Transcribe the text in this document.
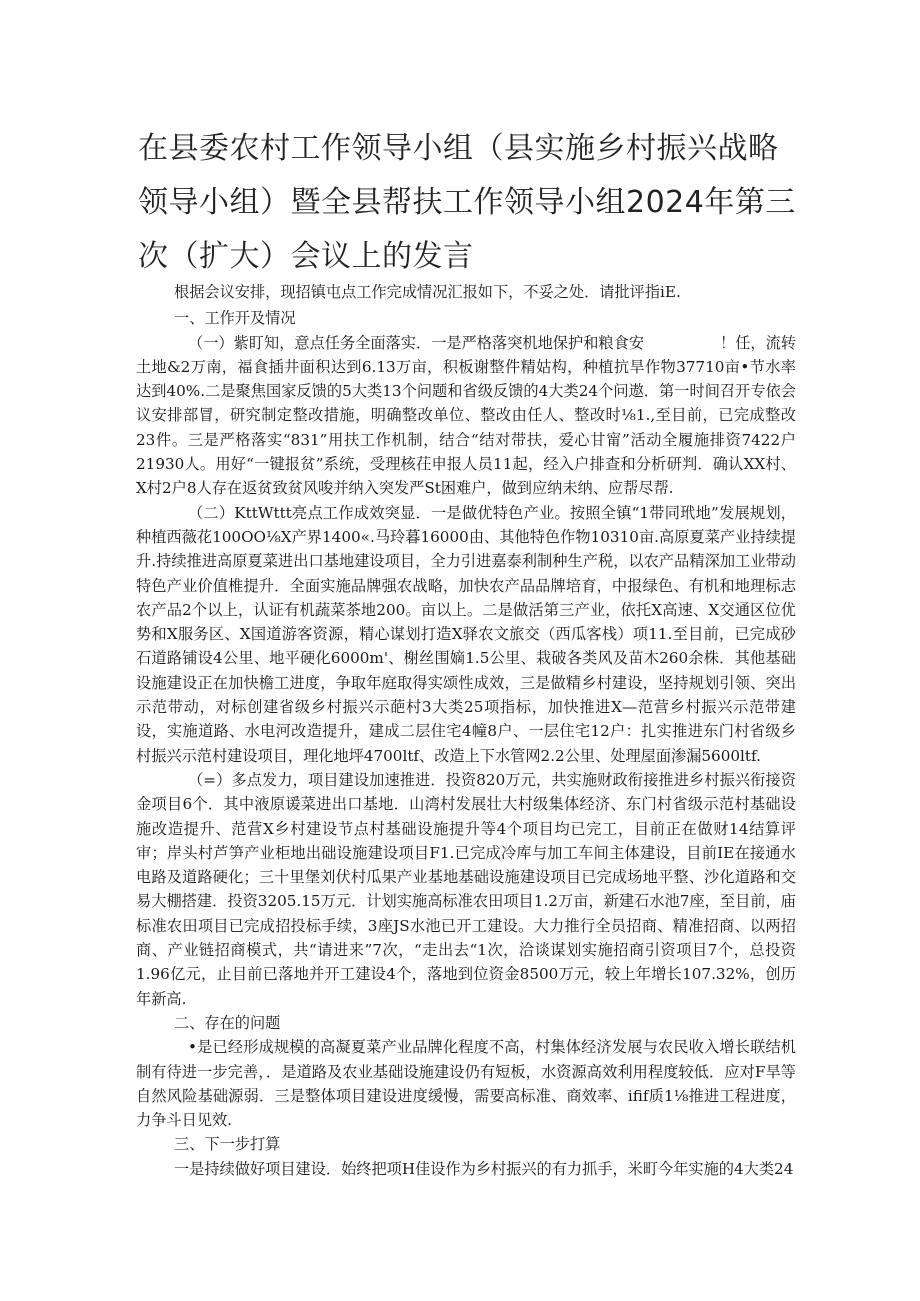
在县委农村工作领导小组（县实施乡村振兴战略领导小组）暨全县帮扶工作领导小组2024年第三次（扩大）会议上的发言

根据会议安排，现招镇屯点工作完成情况汇报如下，不妥之处．请批评指iE.

一、工作开及情况

（一）紫盯知，意点任务全面落实．一是严格落突机地保护和粮食安　　　　　！任，流转土地&2万南，福食插井面积达到6.13万亩，积板谢整件精姑构，种植抗旱作物37710亩•节水率达到40%.二是聚焦国家反馈的5大类13个问题和省级反馈的4大类24个问遨．第一时间召开专依会议安排部冒，研究制定整改措施，明确整改单位、整改由任人、整改时⅛1.,至目前，已完成整改23件。三是严格落实“831”用扶工作机制，结合“结对带扶，爱心甘甯”活动全履施排资7422户21930人。用好“一键报贫”系统，受理核茌申报人员11起，经入户排查和分析研判．确认XX村、X村2户8人存在返贫致贫风唆并纳入突发严St困难户，做到应纳未纳、应帮尽帮.

（二）KttWttt亮点工作成效突显．一是做优特色产业。按照全镇“1带同玳地”发展规划，种植西薇花100OO⅛X产界1400«.马玲暮16000由、其他特色作物10310亩.高原夏菜产业持续提升.持续推进高原夏菜进出口基地建设项目，全力引进嘉泰利制种生产税，以农产品精深加工业带动特色产业价值椎提升．全面实施品牌强农战略，加快农产品品牌培育，中报绿色、有机和地理标志农产品2个以上，认证有机蔬菜茶地200。亩以上。二是做活第三产业，依托X高速、X交通区位优势和X服务区、X国道游客资源，精心谋划打造X驿农文旅交（西瓜客栈）项11.至目前，已完成砂石道路铺设4公里、地平硬化6000m'、榭丝围嫡1.5公里、栽破各类风及苗木260余株．其他基础设施建设正在加快檐工进度，争取年庭取得实颂性成效，三是做精乡村建设，坚持规划引领、突出示范带动，对标创建省级乡村振兴示葩村3大类25项指标，加快推进X—范营乡村振兴示范带建设，实施道路、水电河改造提升，建成二层住宅4幢8户、一层住宅12户：扎实推进东门村省级乡村振兴示范村建设项目，理化地坪4700ltf、改造上下水管网2.2公里、处理屋面渗漏5600ltf.

（=）多点发力，项目建设加速推进．投资820万元，共实施财政衔接推进乡村振兴衔接资金项目6个．其中液原谖菜进出口基地．山湾村发展壮大村级集体经济、东门村省级示范村基础设施改造提升、范营X乡村建设节点村基础设施提升等4个项目均已完工，目前正在做财14结算评审；岸头村芦笋产业柜地出础设施建设项目F1.已完成冷库与加工车间主体建设，目前IE在接通水电路及道路硬化；三十里堡刘伏村瓜果产业基地基础设施建设项目已完成场地平整、沙化道路和交易大棚搭建．投资3205.15万元．计划实施高标准农田项目1.2万亩，新建石水池7座，至目前，庙标准农田项目已完成招投标手续，3座JS水池已开工建设。大力推行全员招商、精准招商、以两招商、产业链招商模式，共“请进来”7次，“走出去“1次，洽谈谋划实施招商引资项目7个，总投资1.96亿元，止目前已落地并开工建设4个，落地到位资金8500万元，较上年增长107.32%，创历年新高.

二、存在的问题

•是已经形成规模的高凝夏菜产业品牌化程度不高，村集体经济发展与农民收入增长联结机制有待进一步完善，．是道路及农业基础设施建设仍有短板，水资源高效利用程度较低．应对F旱等自然风险基础源弱．三是整体项目建设进度缓慢，需要高标准、商效率、ifif质1⅛推进工程进度，力争斗日见效.

三、下一步打算

一是持续做好项目建设．始终把项H佳设作为乡村振兴的有力抓手，米町今年实施的4大类24
